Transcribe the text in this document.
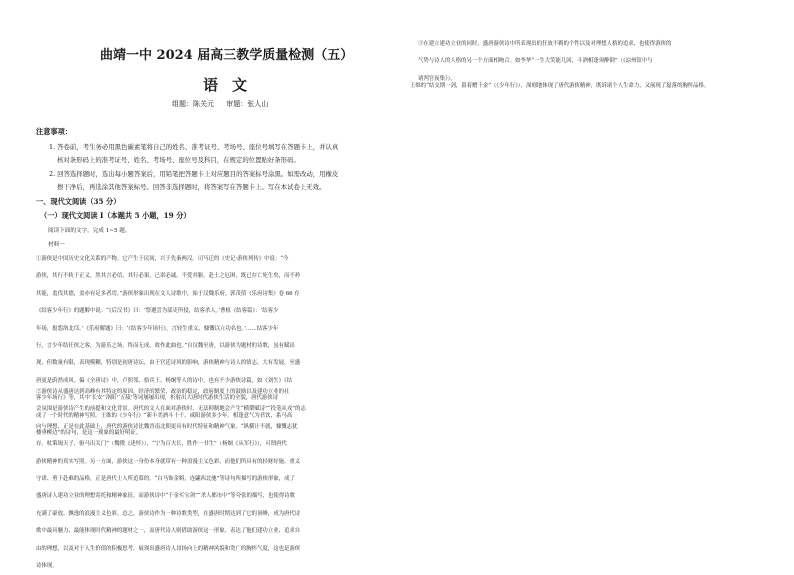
曲靖一中 2024 届高三教学质量检测（五）
语文
组题：陈关元 审题：张人山
注意事项：
1. 答卷前，考生务必用黑色碳素笔将自己的姓名、准考证号、考场号、座位号填写在答题卡上，并认真
核对条形码上的准考证号、姓名、考场号、座位号及科目，在规定的位置贴好条形码。
2. 回答选择题时，选出每小题答案后，用铅笔把答题卡上对应题目的答案标号涂黑。如需改动，用橡皮
擦干净后，再选涂其他答案标号。回答非选择题时，将答案写在答题卡上。写在本试卷上无效。
一、现代文阅读（35 分）
（一）现代文阅读 I（本题共 5 小题，19 分）
阅读下面的文字，完成 1~5 题。
材料一
①游侠是中国历史文化关系的产物。它产生于民间，兴于先秦两汉。司马迁的《史记·游侠列传》中说：“今
游侠，其行不轨于正义，然其言必信，其行必果，已诺必诚，不爱其躯。赴士之厄困，既已存亡死生矣，而不矜
其能，羞伐其德，盖亦有足多者焉。”游侠形象出现在文人诗歌中，始于汉魏乐府。郭茂倩《乐府诗集》卷 66 存
《结客少年行》的题解中说：“《后汉书》曰：‘祭遵尝为部吏所侵，结客杀人。’曹植《结客篇》：‘结客少
年场，报怨洛北邙。’《乐府解题》曰：‘《结客少年场行》，言轻生重义，慷慨以立功名也。’……结客少年
行，言少年结任侠之客，为游乐之场，终而无成，故作此曲也。”自汉魏至唐，以游侠为题材的诗歌，虽有赋出
现，但数量有限，表现模糊，特别是初唐诗坛，由于宫廷诗风的影响，游侠精神与诗人的情志，大有发展，至盛
唐更是蔚然成风。偏《全唐诗》中，卢照邻、骆宾王、杨炯等人的诗中，也有不少游侠诗篇，如《刘生》《结
客少年场行》等，其中‘长安’‘洛阳’‘五陵’等词屡屡出现，折射出大唐时代游侠生活的全貌，唐代游侠诗
成了一个时代的精神写照。王维的《少年行》“新丰美酒斗十千，咸阳游侠多少年。相逢意气为君饮，系马高
楼垂柳边”的诗句，是这一现象的最好明证。
②游侠诗从盛唐达到高峰有其特定的原因。经济的繁荣，政治的稳定，政府制度上的鼓励以及建功立业的社
会氛围是游侠诗产生的前提和文化背景。唐代的文人在面对游侠时，无法抑制地会产生“横槊赋诗”“投笔从戎”的志
向与理想，正是在此基础上，唐代的游侠诗比魏晋南北朝更具有时代特征和精神气象。“纵横计不就，慷慨志犹
存。杖策谒天子，驱马出关门”（魏徵《述怀》）、“宁为百夫长，胜作一书生”（杨炯《从军行》），可谓唐代
游侠精神的真实写照。另一方面，游侠这一身份本身就带有一种浪漫主义色彩，而他们所具有的轻财好施、重义
守诺、勇于赴难的品格，正是唐代士人所追慕的。“白马饰金羁，连翩西北驰”等诗句所描写的游侠形象，成了
盛唐诗人建功立业的理想寄托和精神象征。而游侠诗中“千金买宝剑”“杀人都市中”等夸张的描写，也使得诗歌
充满了豪放、飘逸的浪漫主义色彩。总之，游侠诗作为一种诗歌类型，在盛唐时期达到了它的顶峰，成为唐代诗
歌中最具魅力、最能体现时代精神的题材之一，而唐代诗人则借助游侠这一形象，表达了他们建功立业、追求自
由的理想，以及对于人生价值的积极思考，展现出盛唐诗人昂扬向上的精神风貌和宽广的胸怀气度，这也是游侠
诗体现。
③在建立建功立业的同时，盛唐游侠诗中所表现出的狂放不羁的个性以及对理想人格的追求，也使得游侠的
气势与诗人的人格的另一个方面相吻合。如李华“一生大笑能几回，斗酒相逢须醉倒”（《凉州馆中与
诸判官夜集》）。
王维的“结交期一剑，留着赠千金”（《少年行》），深刻地体现了唐代游侠精神，既诉诸个人生命力，又展现了磊落的胸怀品格。
